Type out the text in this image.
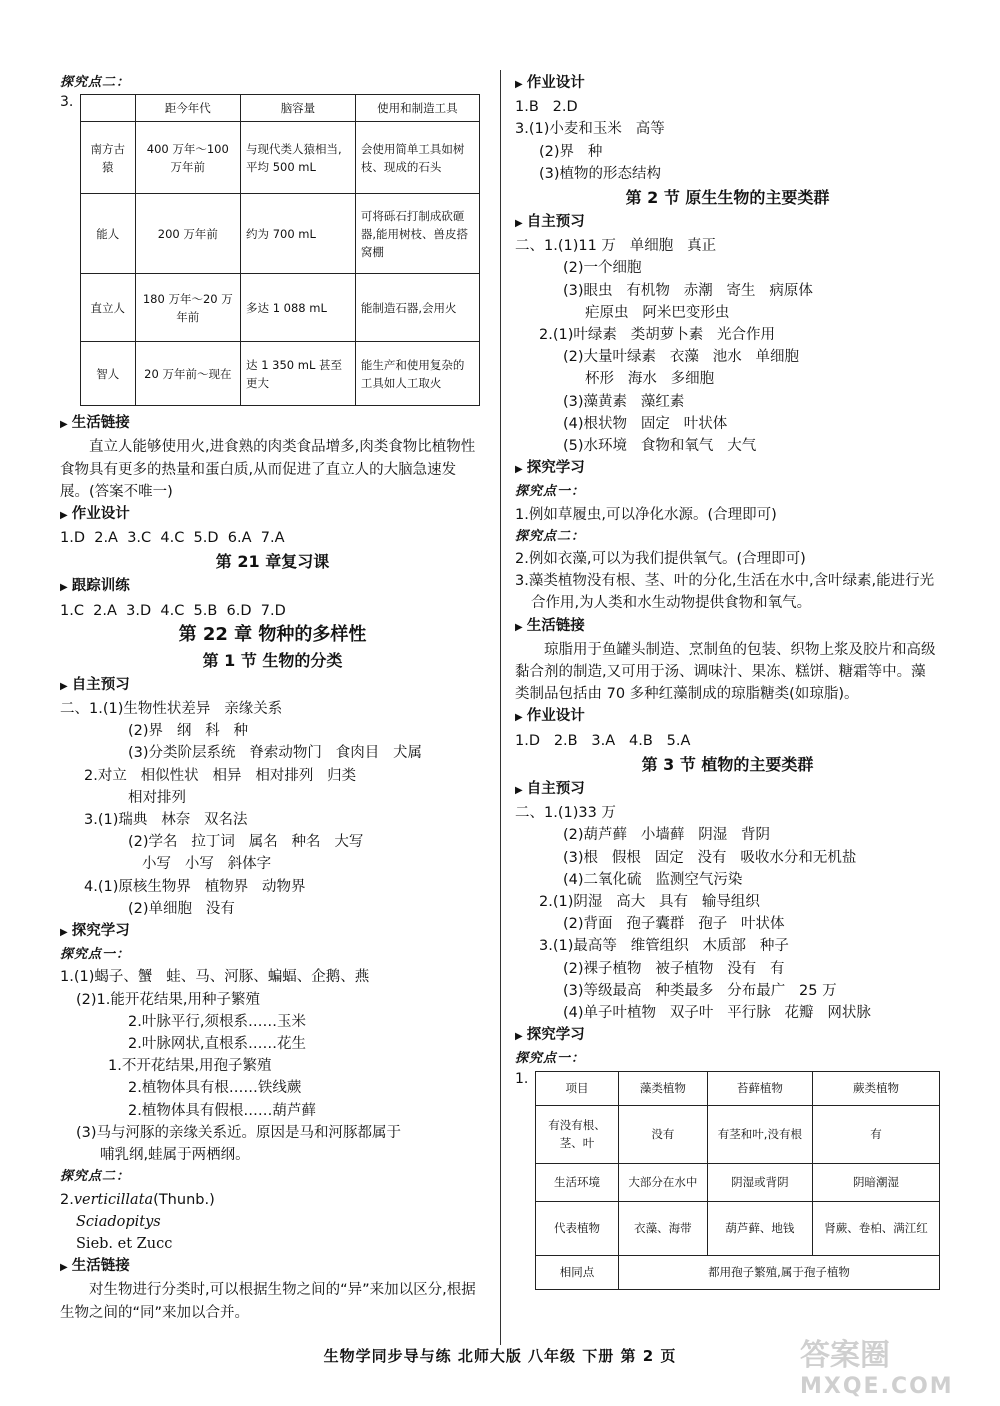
探究点二：
3.
		距今年代	脑容量	使用和制造工具
南方古猿	400 万年～100 万年前	与现代类人猿相当,平均 500 mL	会使用简单工具如树枝、现成的石头
能人	200 万年前	约为 700 mL	可将砾石打制成砍砸器,能用树枝、兽皮搭窝棚
直立人	180 万年～20 万年前	多达 1 088 mL	能制造石器,会用火
智人	20 万年前～现在	达 1 350 mL 甚至更大	能生产和使用复杂的工具如人工取火
▶ 生活链接
直立人能够使用火,进食熟的肉类食品增多,肉类食物比植物性食物具有更多的热量和蛋白质,从而促进了直立人的大脑急速发展。(答案不唯一)
▶ 作业设计
1.D  2.A  3.C  4.C  5.D  6.A  7.A
第 21 章复习课
▶ 跟踪训练
1.C  2.A  3.D  4.C  5.B  6.D  7.D
第 22 章 物种的多样性
第 1 节 生物的分类
▶ 自主预习
二、1.(1)生物性状差异   亲缘关系
(2)界   纲   科   种
(3)分类阶层系统   脊索动物门   食肉目   犬属
2.对立   相似性状   相异   相对排列   归类
相对排列
3.(1)瑞典   林奈   双名法
(2)学名   拉丁词   属名   种名   大写
小写   小写   斜体字
4.(1)原核生物界   植物界   动物界
(2)单细胞   没有
▶ 探究学习
探究点一：
1.(1)蝎子、蟹   蛙、马、河豚、蝙蝠、企鹅、燕
(2)1.能开花结果,用种子繁殖
2.叶脉平行,须根系……玉米
2.叶脉网状,直根系……花生
1.不开花结果,用孢子繁殖
2.植物体具有根……铁线蕨
2.植物体具有假根……葫芦藓
(3)马与河豚的亲缘关系近。原因是马和河豚都属于
哺乳纲,蛙属于两栖纲。
探究点二：
2.verticillata(Thunb.)
Sciadopitys
Sieb. et Zucc
▶ 生活链接
对生物进行分类时,可以根据生物之间的“异”来加以区分,根据生物之间的“同”来加以合并。
▶ 作业设计
1.B   2.D
3.(1)小麦和玉米   高等
(2)界   种
(3)植物的形态结构
第 2 节 原生生物的主要类群
▶ 自主预习
二、1.(1)11 万   单细胞   真正
(2)一个细胞
(3)眼虫   有机物   赤潮   寄生   病原体
疟原虫   阿米巴变形虫
2.(1)叶绿素   类胡萝卜素   光合作用
(2)大量叶绿素   衣藻   池水   单细胞
杯形   海水   多细胞
(3)藻黄素   藻红素
(4)根状物   固定   叶状体
(5)水环境   食物和氧气   大气
▶ 探究学习
探究点一：
1.例如草履虫,可以净化水源。(合理即可)
探究点二：
2.例如衣藻,可以为我们提供氧气。(合理即可)
3.藻类植物没有根、茎、叶的分化,生活在水中,含叶绿素,能进行光合作用,为人类和水生动物提供食物和氧气。
▶ 生活链接
琼脂用于鱼罐头制造、烹制鱼的包装、织物上浆及胶片和高级黏合剂的制造,又可用于汤、调味汁、果冻、糕饼、糖霜等中。藻类制品包括由 70 多种红藻制成的琼脂糖类(如琼脂)。
▶ 作业设计
1.D   2.B   3.A   4.B   5.A
第 3 节 植物的主要类群
▶ 自主预习
二、1.(1)33 万
(2)葫芦藓   小墙藓   阴湿   背阴
(3)根   假根   固定   没有   吸收水分和无机盐
(4)二氧化硫   监测空气污染
2.(1)阴湿   高大   具有   输导组织
(2)背面   孢子囊群   孢子   叶状体
3.(1)最高等   维管组织   木质部   种子
(2)裸子植物   被子植物   没有   有
(3)等级最高   种类最多   分布最广   25 万
(4)单子叶植物   双子叶   平行脉   花瓣   网状脉
▶ 探究学习
探究点一：
1.
项目	藻类植物	苔藓植物	蕨类植物
有没有根、茎、叶	没有	有茎和叶,没有根	有
生活环境	大部分在水中	阴湿或背阴	阴暗潮湿
代表植物	衣藻、海带	葫芦藓、地钱	肾蕨、卷柏、满江红
相同点	都用孢子繁殖,属于孢子植物		
生物学同步导与练 北师大版 八年级 下册 第 2 页	答案圈
MXQE.COM
